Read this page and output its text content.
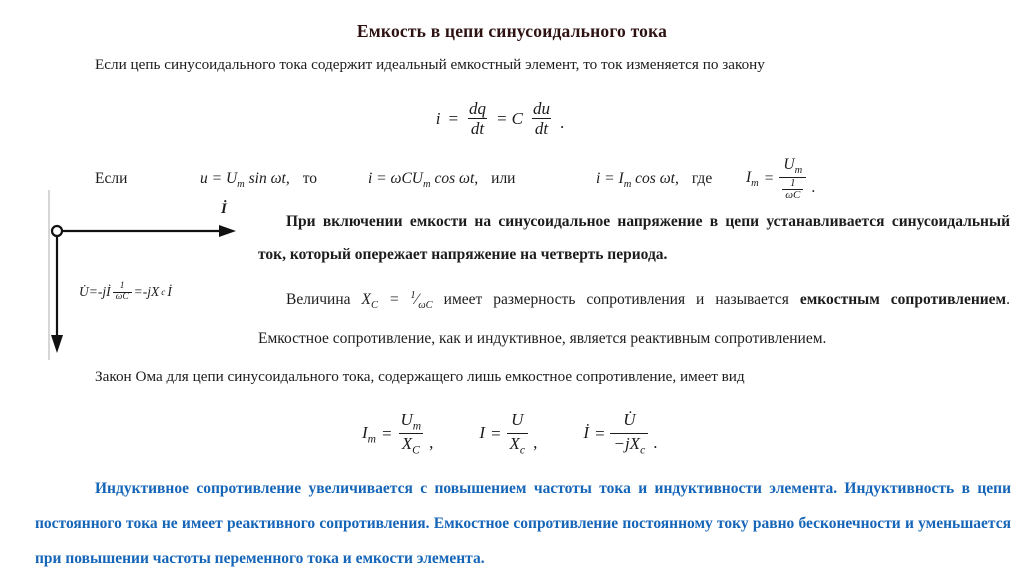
Емкость в цепи синусоидального тока
Если цепь синусоидального тока содержит идеальный емкостный элемент, то ток изменяется по закону
$i = \frac{dq}{dt} = C \frac{du}{dt}$ .
Если	$u = U_m$ sin ωt, то	i = ωCU$_m$ cos ωt, или	$i = I_m$ cos ωt, где $I_m = \frac{U_m}{\frac{1}{\omega C}}$ .
İ
U̇=-jİ $\frac{1}{\omega C} =-jX$ c İ

При включении емкости на синусоидальное напряжение в цепи устанавливается синусоидальный ток, который опережает напряжение на четверть периода.

Величина $X_C$ = $^1⁄_{\omega C}$ имеет размерность сопротивления и называется емкостным сопротивлением. Емкостное сопротивление, как и индуктивное, является реактивным сопротивлением.

Закон Ома для цепи синусоидального тока, содержащего лишь емкостное сопротивление, имеет вид
$I_m = \frac{U_m}{X_C}$ ,
$I = \frac{U}{X_c}$ ,
İ = $\frac{U̇}{-jX_c}$ .

Индуктивное сопротивление увеличивается с повышением частоты тока и индуктивности элемента. Индуктивность в цепи постоянного тока не имеет реактивного сопротивления. Емкостное сопротивление постоянному току равно бесконечности и уменьшается при повышении частоты переменного тока и емкости элемента.
